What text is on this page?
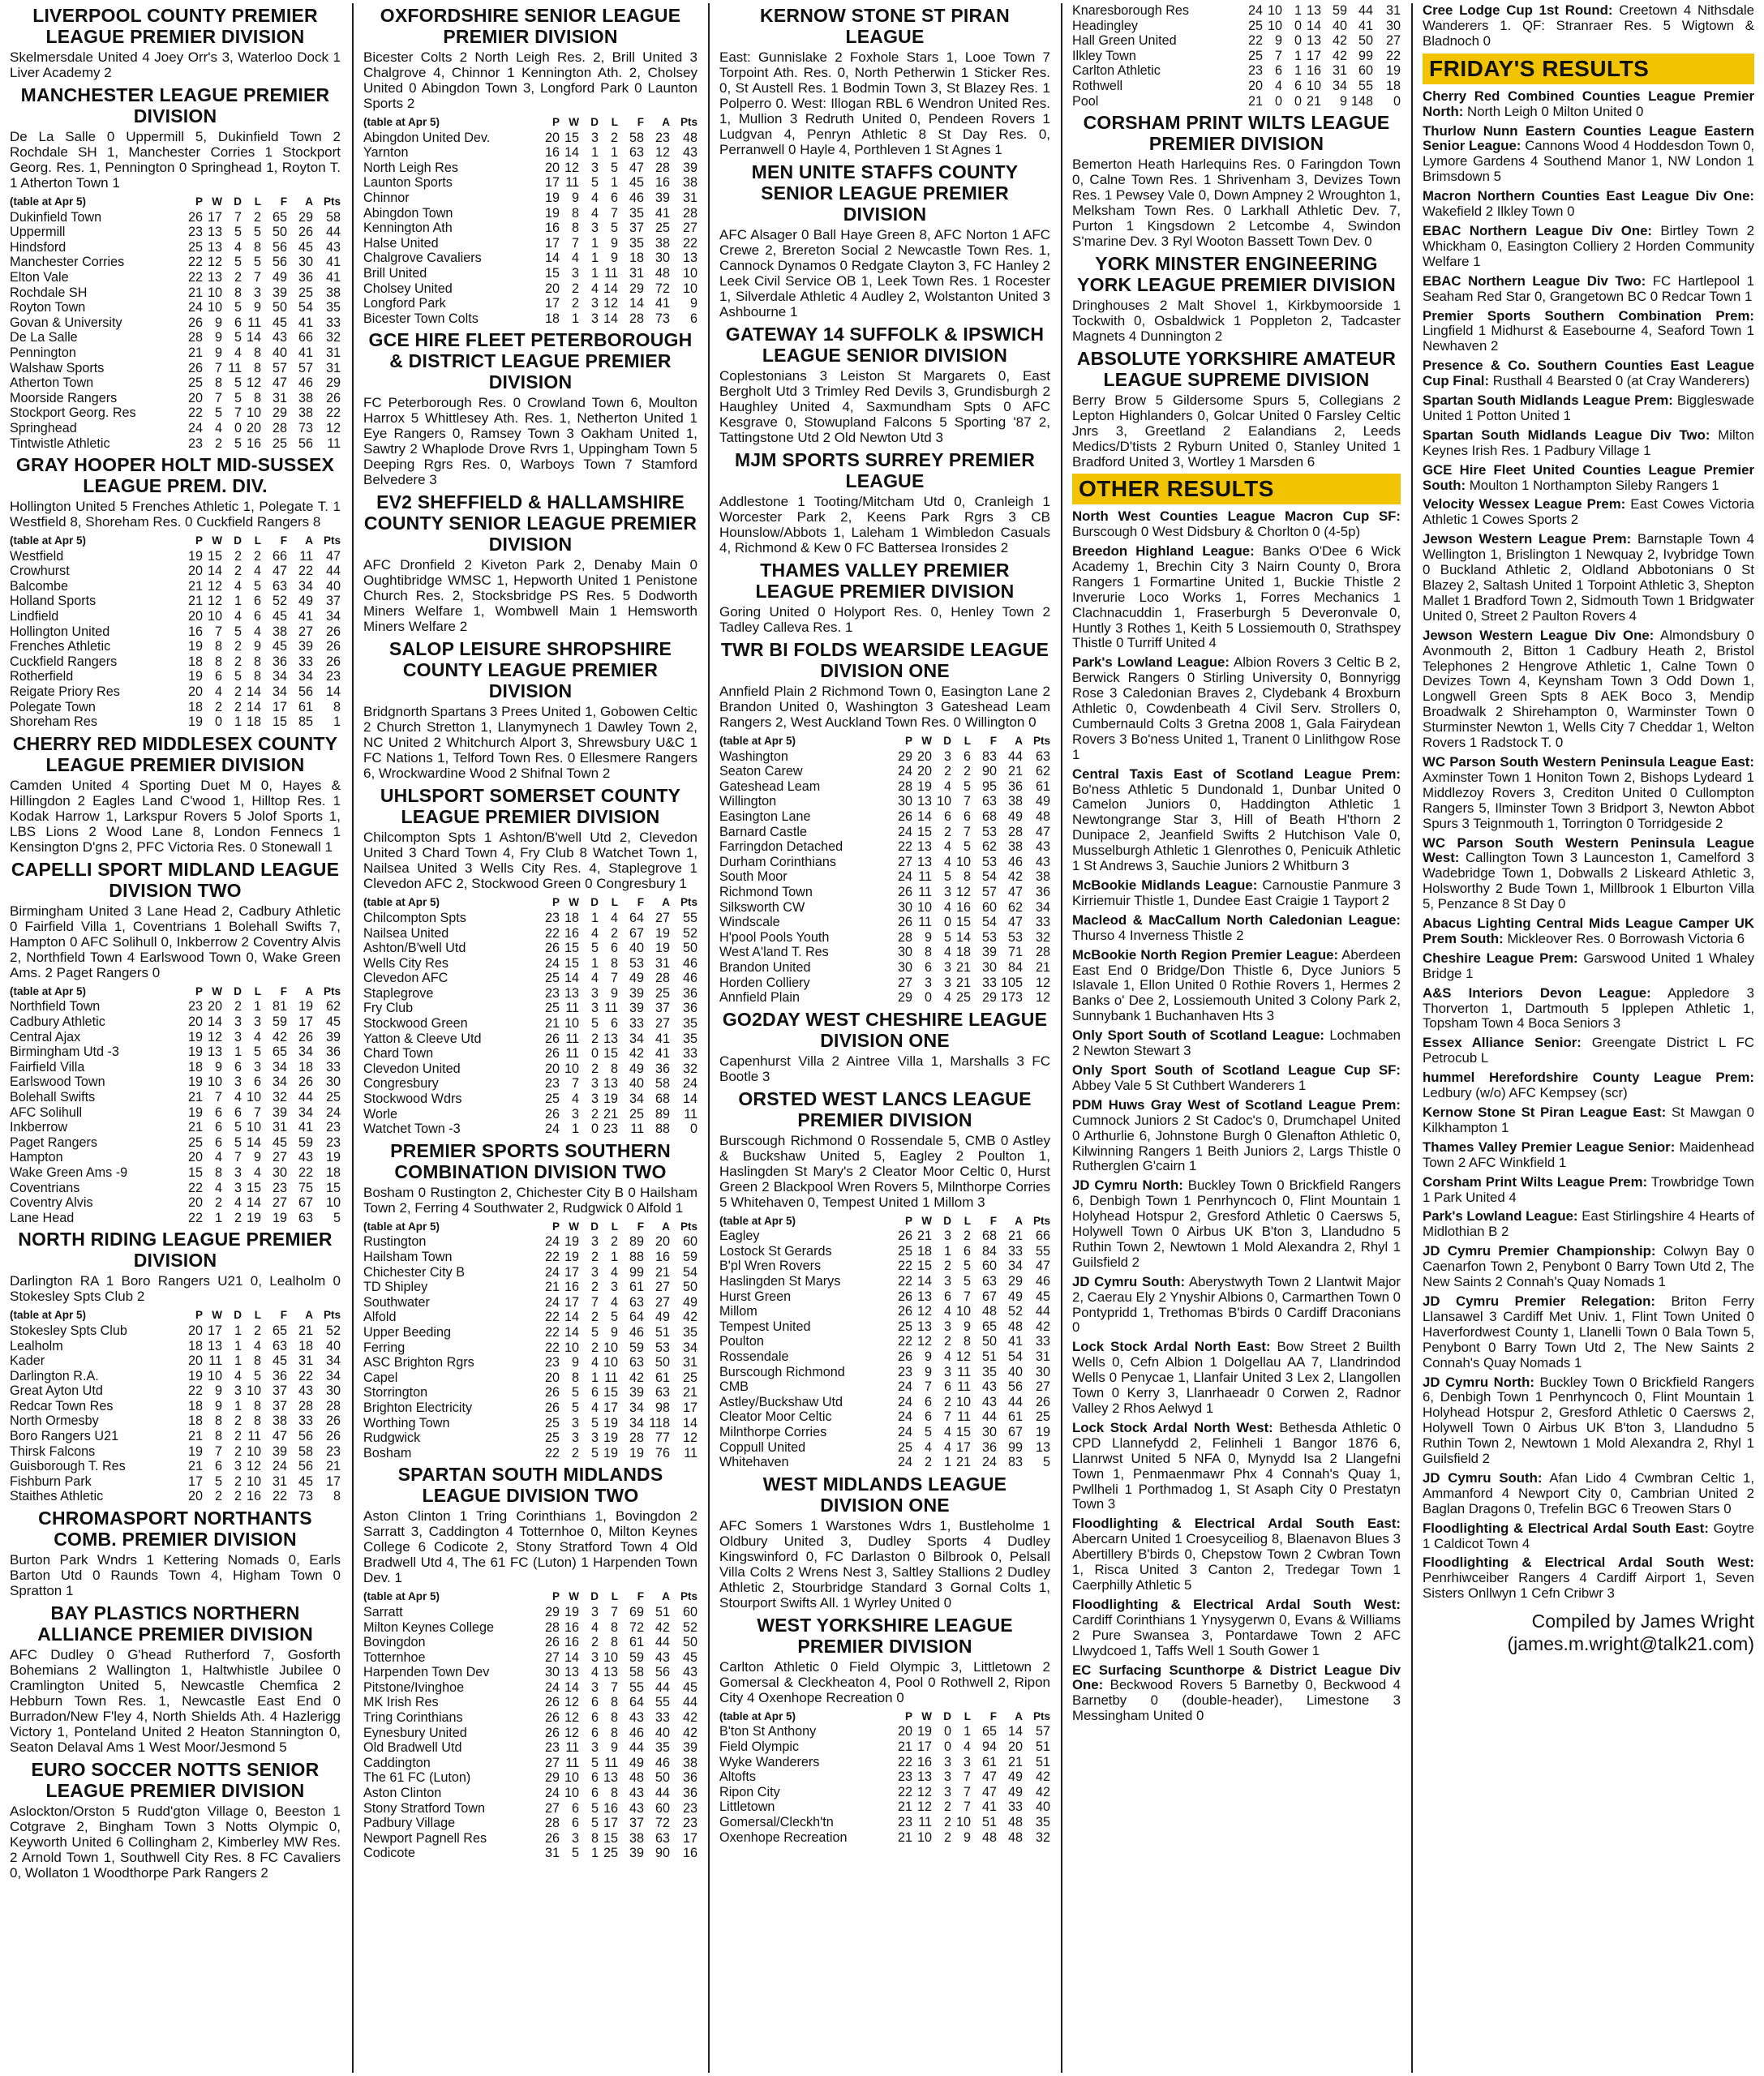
LIVERPOOL COUNTY PREMIER LEAGUE PREMIER DIVISION

Skelmersdale United 4 Joey Orr's 3, Waterloo Dock 1 Liver Academy 2

MANCHESTER LEAGUE PREMIER DIVISION

De La Salle 0 Uppermill 5, Dukinfield Town 2 Rochdale SH 1, Manchester Corries 1 Stockport Georg. Res. 1, Pennington 0 Springhead 1, Royton T. 1 Atherton Town 1

(table at Apr 5)	P	W	D	L	F	A	Pts
Dukinfield Town	26	17	7	2	65	29	58
Uppermill	23	13	5	5	50	26	44
Hindsford	25	13	4	8	56	45	43
Manchester Corries	22	12	5	5	56	30	41
Elton Vale	22	13	2	7	49	36	41
Rochdale SH	21	10	8	3	39	25	38
Royton Town	24	10	5	9	50	54	35
Govan & University	26	9	6	11	45	41	33
De La Salle	28	9	5	14	43	66	32
Pennington	21	9	4	8	40	41	31
Walshaw Sports	26	7	11	8	57	57	31
Atherton Town	25	8	5	12	47	46	29
Moorside Rangers	20	7	5	8	31	38	26
Stockport Georg. Res	22	5	7	10	29	38	22
Springhead	24	4	0	20	28	73	12
Tintwistle Athletic	23	2	5	16	25	56	11
GRAY HOOPER HOLT MID-SUSSEX LEAGUE PREM. DIV.

Hollington United 5 Frenches Athletic 1, Polegate T. 1 Westfield 8, Shoreham Res. 0 Cuckfield Rangers 8

(table at Apr 5)	P	W	D	L	F	A	Pts
Westfield	19	15	2	2	66	11	47
Crowhurst	20	14	2	4	47	22	44
Balcombe	21	12	4	5	63	34	40
Holland Sports	21	12	1	6	52	49	37
Lindfield	20	10	4	6	45	41	34
Hollington United	16	7	5	4	38	27	26
Frenches Athletic	19	8	2	9	45	39	26
Cuckfield Rangers	18	8	2	8	36	33	26
Rotherfield	19	6	5	8	34	34	23
Reigate Priory Res	20	4	2	14	34	56	14
Polegate Town	18	2	2	14	17	61	8
Shoreham Res	19	0	1	18	15	85	1
CHERRY RED MIDDLESEX COUNTY LEAGUE PREMIER DIVISION

Camden United 4 Sporting Duet M 0, Hayes & Hillingdon 2 Eagles Land C'wood 1, Hilltop Res. 1 Kodak Harrow 1, Larkspur Rovers 5 Jolof Sports 1, LBS Lions 2 Wood Lane 8, London Fennecs 1 Kensington D'gns 2, PFC Victoria Res. 0 Stonewall 1

CAPELLI SPORT MIDLAND LEAGUE DIVISION TWO

Birmingham United 3 Lane Head 2, Cadbury Athletic 0 Fairfield Villa 1, Coventrians 1 Bolehall Swifts 7, Hampton 0 AFC Solihull 0, Inkberrow 2 Coventry Alvis 2, Northfield Town 4 Earlswood Town 0, Wake Green Ams. 2 Paget Rangers 0

(table at Apr 5)	P	W	D	L	F	A	Pts
Northfield Town	23	20	2	1	81	19	62
Cadbury Athletic	20	14	3	3	59	17	45
Central Ajax	19	12	3	4	42	26	39
Birmingham Utd -3	19	13	1	5	65	34	36
Fairfield Villa	18	9	6	3	34	18	33
Earlswood Town	19	10	3	6	34	26	30
Bolehall Swifts	21	7	4	10	32	44	25
AFC Solihull	19	6	6	7	39	34	24
Inkberrow	21	6	5	10	31	41	23
Paget Rangers	25	6	5	14	45	59	23
Hampton	20	4	7	9	27	43	19
Wake Green Ams -9	15	8	3	4	30	22	18
Coventrians	22	4	3	15	23	75	15
Coventry Alvis	20	2	4	14	27	67	10
Lane Head	22	1	2	19	19	63	5
NORTH RIDING LEAGUE PREMIER DIVISION

Darlington RA 1 Boro Rangers U21 0, Lealholm 0 Stokesley Spts Club 2

(table at Apr 5)	P	W	D	L	F	A	Pts
Stokesley Spts Club	20	17	1	2	65	21	52
Lealholm	18	13	1	4	63	18	40
Kader	20	11	1	8	45	31	34
Darlington R.A.	19	10	4	5	36	22	34
Great Ayton Utd	22	9	3	10	37	43	30
Redcar Town Res	18	9	1	8	37	28	28
North Ormesby	18	8	2	8	38	33	26
Boro Rangers U21	21	8	2	11	47	56	26
Thirsk Falcons	19	7	2	10	39	58	23
Guisborough T. Res	21	6	3	12	24	56	21
Fishburn Park	17	5	2	10	31	45	17
Staithes Athletic	20	2	2	16	22	73	8
CHROMASPORT NORTHANTS COMB. PREMIER DIVISION

Burton Park Wndrs 1 Kettering Nomads 0, Earls Barton Utd 0 Raunds Town 4, Higham Town 0 Spratton 1

BAY PLASTICS NORTHERN ALLIANCE PREMIER DIVISION

AFC Dudley 0 G'head Rutherford 7, Gosforth Bohemians 2 Wallington 1, Haltwhistle Jubilee 0 Cramlington United 5, Newcastle Chemfica 2 Hebburn Town Res. 1, Newcastle East End 0 Burradon/New F'ley 4, North Shields Ath. 4 Hazlerigg Victory 1, Ponteland United 2 Heaton Stannington 0, Seaton Delaval Ams 1 West Moor/Jesmond 5

EURO SOCCER NOTTS SENIOR LEAGUE PREMIER DIVISION

Aslockton/Orston 5 Rudd'gton Village 0, Beeston 1 Cotgrave 2, Bingham Town 3 Notts Olympic 0, Keyworth United 6 Collingham 2, Kimberley MW Res. 2 Arnold Town 1, Southwell City Res. 8 FC Cavaliers 0, Wollaton 1 Woodthorpe Park Rangers 2

OXFORDSHIRE SENIOR LEAGUE PREMIER DIVISION

Bicester Colts 2 North Leigh Res. 2, Brill United 3 Chalgrove 4, Chinnor 1 Kennington Ath. 2, Cholsey United 0 Abingdon Town 3, Longford Park 0 Launton Sports 2

(table at Apr 5)	P	W	D	L	F	A	Pts
Abingdon United Dev.	20	15	3	2	58	23	48
Yarnton	16	14	1	1	63	12	43
North Leigh Res	20	12	3	5	47	28	39
Launton Sports	17	11	5	1	45	16	38
Chinnor	19	9	4	6	46	39	31
Abingdon Town	19	8	4	7	35	41	28
Kennington Ath	16	8	3	5	37	25	27
Halse United	17	7	1	9	35	38	22
Chalgrove Cavaliers	14	4	1	9	18	30	13
Brill United	15	3	1	11	31	48	10
Cholsey United	20	2	4	14	29	72	10
Longford Park	17	2	3	12	14	41	9
Bicester Town Colts	18	1	3	14	28	73	6
GCE HIRE FLEET PETERBOROUGH & DISTRICT LEAGUE PREMIER DIVISION

FC Peterborough Res. 0 Crowland Town 6, Moulton Harrox 5 Whittlesey Ath. Res. 1, Netherton United 1 Eye Rangers 0, Ramsey Town 3 Oakham United 1, Sawtry 2 Whaplode Drove Rvrs 1, Uppingham Town 5 Deeping Rgrs Res. 0, Warboys Town 7 Stamford Belvedere 3

EV2 SHEFFIELD & HALLAMSHIRE COUNTY SENIOR LEAGUE PREMIER DIVISION

AFC Dronfield 2 Kiveton Park 2, Denaby Main 0 Oughtibridge WMSC 1, Hepworth United 1 Penistone Church Res. 2, Stocksbridge PS Res. 5 Dodworth Miners Welfare 1, Wombwell Main 1 Hemsworth Miners Welfare 2

SALOP LEISURE SHROPSHIRE COUNTY LEAGUE PREMIER DIVISION

Bridgnorth Spartans 3 Prees United 1, Gobowen Celtic 2 Church Stretton 1, Llanymynech 1 Dawley Town 2, NC United 2 Whitchurch Alport 3, Shrewsbury U&C 1 FC Nations 1, Telford Town Res. 0 Ellesmere Rangers 6, Wrockwardine Wood 2 Shifnal Town 2

UHLSPORT SOMERSET COUNTY LEAGUE PREMIER DIVISION

Chilcompton Spts 1 Ashton/B'well Utd 2, Clevedon United 3 Chard Town 4, Fry Club 8 Watchet Town 1, Nailsea United 3 Wells City Res. 4, Staplegrove 1 Clevedon AFC 2, Stockwood Green 0 Congresbury 1

(table at Apr 5)	P	W	D	L	F	A	Pts
Chilcompton Spts	23	18	1	4	64	27	55
Nailsea United	22	16	4	2	67	19	52
Ashton/B'well Utd	26	15	5	6	40	19	50
Wells City Res	24	15	1	8	53	31	46
Clevedon AFC	25	14	4	7	49	28	46
Staplegrove	23	13	3	9	39	25	36
Fry Club	25	11	3	11	39	37	36
Stockwood Green	21	10	5	6	33	27	35
Yatton & Cleeve Utd	26	11	2	13	34	41	35
Chard Town	26	11	0	15	42	41	33
Clevedon United	20	10	2	8	49	36	32
Congresbury	23	7	3	13	40	58	24
Stockwood Wdrs	25	4	3	19	34	68	14
Worle	26	3	2	21	25	89	11
Watchet Town -3	24	1	0	23	11	88	0
PREMIER SPORTS SOUTHERN COMBINATION DIVISION TWO

Bosham 0 Rustington 2, Chichester City B 0 Hailsham Town 2, Ferring 4 Southwater 2, Rudgwick 0 Alfold 1

(table at Apr 5)	P	W	D	L	F	A	Pts
Rustington	24	19	3	2	89	20	60
Hailsham Town	22	19	2	1	88	16	59
Chichester City B	24	17	3	4	99	21	54
TD Shipley	21	16	2	3	61	27	50
Southwater	24	17	7	4	63	27	49
Alfold	22	14	2	5	64	49	42
Upper Beeding	22	14	5	9	46	51	35
Ferring	22	10	2	10	59	53	34
ASC Brighton Rgrs	23	9	4	10	63	50	31
Capel	20	8	1	11	42	61	25
Storrington	26	5	6	15	39	63	21
Brighton Electricity	26	5	4	17	34	98	17
Worthing Town	25	3	5	19	34	118	14
Rudgwick	25	3	3	19	28	77	12
Bosham	22	2	5	19	19	76	11
SPARTAN SOUTH MIDLANDS LEAGUE DIVISION TWO

Aston Clinton 1 Tring Corinthians 1, Bovingdon 2 Sarratt 3, Caddington 4 Totternhoe 0, Milton Keynes College 6 Codicote 2, Stony Stratford Town 4 Old Bradwell Utd 4, The 61 FC (Luton) 1 Harpenden Town Dev. 1

(table at Apr 5)	P	W	D	L	F	A	Pts
Sarratt	29	19	3	7	69	51	60
Milton Keynes College	28	16	4	8	72	42	52
Bovingdon	26	16	2	8	61	44	50
Totternhoe	27	14	3	10	59	43	45
Harpenden Town Dev	30	13	4	13	58	56	43
Pitstone/Ivinghoe	24	14	3	7	55	44	45
MK Irish Res	26	12	6	8	64	55	44
Tring Corinthians	26	12	6	8	43	33	42
Eynesbury United	26	12	6	8	46	40	42
Old Bradwell Utd	23	11	3	9	44	35	39
Caddington	27	11	5	11	49	46	38
The 61 FC (Luton)	29	10	6	13	48	50	36
Aston Clinton	24	10	6	8	43	44	36
Stony Stratford Town	27	6	5	16	43	60	23
Padbury Village	28	6	5	17	37	72	23
Newport Pagnell Res	26	3	8	15	38	63	17
Codicote	31	5	1	25	39	90	16
KERNOW STONE ST PIRAN LEAGUE

East: Gunnislake 2 Foxhole Stars 1, Looe Town 7 Torpoint Ath. Res. 0, North Petherwin 1 Sticker Res. 0, St Austell Res. 1 Bodmin Town 3, St Blazey Res. 1 Polperro 0. West: Illogan RBL 6 Wendron United Res. 1, Mullion 3 Redruth United 0, Pendeen Rovers 1 Ludgvan 4, Penryn Athletic 8 St Day Res. 0, Perranwell 0 Hayle 4, Porthleven 1 St Agnes 1

MEN UNITE STAFFS COUNTY SENIOR LEAGUE PREMIER DIVISION

AFC Alsager 0 Ball Haye Green 8, AFC Norton 1 AFC Crewe 2, Brereton Social 2 Newcastle Town Res. 1, Cannock Dynamos 0 Redgate Clayton 3, FC Hanley 2 Leek Civil Service OB 1, Leek Town Res. 1 Rocester 1, Silverdale Athletic 4 Audley 2, Wolstanton United 3 Ashbourne 1

GATEWAY 14 SUFFOLK & IPSWICH LEAGUE SENIOR DIVISION

Coplestonians 3 Leiston St Margarets 0, East Bergholt Utd 3 Trimley Red Devils 3, Grundisburgh 2 Haughley United 4, Saxmundham Spts 0 AFC Kesgrave 0, Stowupland Falcons 5 Sporting '87 2, Tattingstone Utd 2 Old Newton Utd 3

MJM SPORTS SURREY PREMIER LEAGUE

Addlestone 1 Tooting/Mitcham Utd 0, Cranleigh 1 Worcester Park 2, Keens Park Rgrs 3 CB Hounslow/Abbots 1, Laleham 1 Wimbledon Casuals 4, Richmond & Kew 0 FC Battersea Ironsides 2

THAMES VALLEY PREMIER LEAGUE PREMIER DIVISION

Goring United 0 Holyport Res. 0, Henley Town 2 Tadley Calleva Res. 1

TWR BI FOLDS WEARSIDE LEAGUE DIVISION ONE

Annfield Plain 2 Richmond Town 0, Easington Lane 2 Brandon United 0, Washington 3 Gateshead Leam Rangers 2, West Auckland Town Res. 0 Willington 0

(table at Apr 5)	P	W	D	L	F	A	Pts
Washington	29	20	3	6	83	44	63
Seaton Carew	24	20	2	2	90	21	62
Gateshead Leam	28	19	4	5	95	36	61
Willington	30	13	10	7	63	38	49
Easington Lane	26	14	6	6	68	49	48
Barnard Castle	24	15	2	7	53	28	47
Farringdon Detached	22	13	4	5	62	38	43
Durham Corinthians	27	13	4	10	53	46	43
South Moor	24	11	5	8	54	42	38
Richmond Town	26	11	3	12	57	47	36
Silksworth CW	30	10	4	16	60	62	34
Windscale	26	11	0	15	54	47	33
H'pool Pools Youth	28	9	5	14	53	53	32
West A'land T. Res	30	8	4	18	39	71	28
Brandon United	30	6	3	21	30	84	21
Horden Colliery	27	3	3	21	33	105	12
Annfield Plain	29	0	4	25	29	173	12
GO2DAY WEST CHESHIRE LEAGUE DIVISION ONE

Capenhurst Villa 2 Aintree Villa 1, Marshalls 3 FC Bootle 3

ORSTED WEST LANCS LEAGUE PREMIER DIVISION

Burscough Richmond 0 Rossendale 5, CMB 0 Astley & Buckshaw United 5, Eagley 2 Poulton 1, Haslingden St Mary's 2 Cleator Moor Celtic 0, Hurst Green 2 Blackpool Wren Rovers 5, Milnthorpe Corries 5 Whitehaven 0, Tempest United 1 Millom 3

(table at Apr 5)	P	W	D	L	F	A	Pts
Eagley	26	21	3	2	68	21	66
Lostock St Gerards	25	18	1	6	84	33	55
B'pl Wren Rovers	22	15	2	5	60	34	47
Haslingden St Marys	22	14	3	5	63	29	46
Hurst Green	26	13	6	7	67	49	45
Millom	26	12	4	10	48	52	44
Tempest United	25	13	3	9	65	48	42
Poulton	22	12	2	8	50	41	33
Rossendale	26	9	4	12	51	54	31
Burscough Richmond	23	9	3	11	35	40	30
CMB	24	7	6	11	43	56	27
Astley/Buckshaw Utd	24	6	2	10	43	44	26
Cleator Moor Celtic	24	6	7	11	44	61	25
Milnthorpe Corries	24	5	4	15	30	67	19
Coppull United	25	4	4	17	36	99	13
Whitehaven	24	2	1	21	24	83	5
WEST MIDLANDS LEAGUE DIVISION ONE

AFC Somers 1 Warstones Wdrs 1, Bustleholme 1 Oldbury United 3, Dudley Sports 4 Dudley Kingswinford 0, FC Darlaston 0 Bilbrook 0, Pelsall Villa Colts 2 Wrens Nest 3, Saltley Stallions 2 Dudley Athletic 2, Stourbridge Standard 3 Gornal Colts 1, Stourport Swifts All. 1 Wyrley United 0

WEST YORKSHIRE LEAGUE PREMIER DIVISION

Carlton Athletic 0 Field Olympic 3, Littletown 2 Gomersal & Cleckheaton 4, Pool 0 Rothwell 2, Ripon City 4 Oxenhope Recreation 0

(table at Apr 5)	P	W	D	L	F	A	Pts
B'ton St Anthony	20	19	0	1	65	14	57
Field Olympic	21	17	0	4	94	20	51
Wyke Wanderers	22	16	3	3	61	21	51
Altofts	23	13	3	7	47	49	42
Ripon City	22	12	3	7	47	49	42
Littletown	21	12	2	7	41	33	40
Gomersal/Cleckh'tn	23	11	2	10	51	48	35
Oxenhope Recreation	21	10	2	9	48	48	32
Knaresborough Res	24	10	1	13	59	44	31
Headingley	25	10	0	14	40	41	30
Hall Green United	22	9	0	13	42	50	27
Ilkley Town	25	7	1	17	42	99	22
Carlton Athletic	23	6	1	16	31	60	19
Rothwell	20	4	6	10	34	55	18
Pool	21	0	0	21	9	148	0
CORSHAM PRINT WILTS LEAGUE PREMIER DIVISION

Bemerton Heath Harlequins Res. 0 Faringdon Town 0, Calne Town Res. 1 Shrivenham 3, Devizes Town Res. 1 Pewsey Vale 0, Down Ampney 2 Wroughton 1, Melksham Town Res. 0 Larkhall Athletic Dev. 7, Purton 1 Kingsdown 2 Letcombe 4, Swindon S'marine Dev. 3 Ryl Wooton Bassett Town Dev. 0

YORK MINSTER ENGINEERING YORK LEAGUE PREMIER DIVISION

Dringhouses 2 Malt Shovel 1, Kirkbymoorside 1 Tockwith 0, Osbaldwick 1 Poppleton 2, Tadcaster Magnets 4 Dunnington 2

ABSOLUTE YORKSHIRE AMATEUR LEAGUE SUPREME DIVISION

Berry Brow 5 Gildersome Spurs 5, Collegians 2 Lepton Highlanders 0, Golcar United 0 Farsley Celtic Jnrs 3, Greetland 2 Ealandians 2, Leeds Medics/D'tists 2 Ryburn United 0, Stanley United 1 Bradford United 3, Wortley 1 Marsden 6

OTHER RESULTS

North West Counties League Macron Cup SF: Burscough 0 West Didsbury & Chorlton 0 (4-5p)

Breedon Highland League: Banks O'Dee 6 Wick Academy 1, Brechin City 3 Nairn County 0, Brora Rangers 1 Formartine United 1, Buckie Thistle 2 Inverurie Loco Works 1, Forres Mechanics 1 Clachnacuddin 1, Fraserburgh 5 Deveronvale 0, Huntly 3 Rothes 1, Keith 5 Lossiemouth 0, Strathspey Thistle 0 Turriff United 4

Park's Lowland League: Albion Rovers 3 Celtic B 2, Berwick Rangers 0 Stirling University 0, Bonnyrigg Rose 3 Caledonian Braves 2, Clydebank 4 Broxburn Athletic 0, Cowdenbeath 4 Civil Serv. Strollers 0, Cumbernauld Colts 3 Gretna 2008 1, Gala Fairydean Rovers 3 Bo'ness United 1, Tranent 0 Linlithgow Rose 1

Central Taxis East of Scotland League Prem: Bo'ness Athletic 5 Dundonald 1, Dunbar United 0 Camelon Juniors 0, Haddington Athletic 1 Newtongrange Star 3, Hill of Beath H'thorn 2 Dunipace 2, Jeanfield Swifts 2 Hutchison Vale 0, Musselburgh Athletic 1 Glenrothes 0, Penicuik Athletic 1 St Andrews 3, Sauchie Juniors 2 Whitburn 3

McBookie Midlands League: Carnoustie Panmure 3 Kirriemuir Thistle 1, Dundee East Craigie 1 Tayport 2

Macleod & MacCallum North Caledonian League: Thurso 4 Inverness Thistle 2

McBookie North Region Premier League: Aberdeen East End 0 Bridge/Don Thistle 6, Dyce Juniors 5 Islavale 1, Ellon United 0 Rothie Rovers 1, Hermes 2 Banks o' Dee 2, Lossiemouth United 3 Colony Park 2, Sunnybank 1 Buchanhaven Hts 3

Only Sport South of Scotland League: Lochmaben 2 Newton Stewart 3

Only Sport South of Scotland League Cup SF: Abbey Vale 5 St Cuthbert Wanderers 1

PDM Huws Gray West of Scotland League Prem: Cumnock Juniors 2 St Cadoc's 0, Drumchapel United 0 Arthurlie 6, Johnstone Burgh 0 Glenafton Athletic 0, Kilwinning Rangers 1 Beith Juniors 2, Largs Thistle 0 Rutherglen G'cairn 1

JD Cymru North: Buckley Town 0 Brickfield Rangers 6, Denbigh Town 1 Penrhyncoch 0, Flint Mountain 1 Holyhead Hotspur 2, Gresford Athletic 0 Caersws 5, Holywell Town 0 Airbus UK B'ton 3, Llandudno 5 Ruthin Town 2, Newtown 1 Mold Alexandra 2, Rhyl 1 Guilsfield 2

JD Cymru South: Aberystwyth Town 2 Llantwit Major 2, Caerau Ely 2 Ynyshir Albions 0, Carmarthen Town 0 Pontypridd 1, Trethomas B'birds 0 Cardiff Draconians 0

Lock Stock Ardal North East: Bow Street 2 Builth Wells 0, Cefn Albion 1 Dolgellau AA 7, Llandrindod Wells 0 Penycae 1, Llanfair United 3 Lex 2, Llangollen Town 0 Kerry 3, Llanrhaeadr 0 Corwen 2, Radnor Valley 2 Rhos Aelwyd 1

Lock Stock Ardal North West: Bethesda Athletic 0 CPD Llannefydd 2, Felinheli 1 Bangor 1876 6, Llanrwst United 5 NFA 0, Mynydd Isa 2 Llangefni Town 1, Penmaenmawr Phx 4 Connah's Quay 1, Pwllheli 1 Porthmadog 1, St Asaph City 0 Prestatyn Town 3

Floodlighting & Electrical Ardal South East: Abercarn United 1 Croesyceiliog 8, Blaenavon Blues 3 Abertillery B'birds 0, Chepstow Town 2 Cwbran Town 1, Risca United 3 Canton 2, Tredegar Town 1 Caerphilly Athletic 5

Floodlighting & Electrical Ardal South West: Cardiff Corinthians 1 Ynysygerwn 0, Evans & Williams 2 Pure Swansea 3, Pontardawe Town 2 AFC Llwydcoed 1, Taffs Well 1 South Gower 1

EC Surfacing Scunthorpe & District League Div One: Beckwood Rovers 5 Barnetby 0, Beckwood 4 Barnetby 0 (double-header), Limestone 3 Messingham United 0

Cree Lodge Cup 1st Round: Creetown 4 Nithsdale Wanderers 1. QF: Stranraer Res. 5 Wigtown & Bladnoch 0

FRIDAY'S RESULTS

Cherry Red Combined Counties League Premier North: North Leigh 0 Milton United 0

Thurlow Nunn Eastern Counties League Eastern Senior League: Cannons Wood 4 Hoddesdon Town 0, Lymore Gardens 4 Southend Manor 1, NW London 1 Brimsdown 5

Macron Northern Counties East League Div One: Wakefield 2 Ilkley Town 0

EBAC Northern League Div One: Birtley Town 2 Whickham 0, Easington Colliery 2 Horden Community Welfare 1

EBAC Northern League Div Two: FC Hartlepool 1 Seaham Red Star 0, Grangetown BC 0 Redcar Town 1

Premier Sports Southern Combination Prem: Lingfield 1 Midhurst & Easebourne 4, Seaford Town 1 Newhaven 2

Presence & Co. Southern Counties East League Cup Final: Rusthall 4 Bearsted 0 (at Cray Wanderers)

Spartan South Midlands League Prem: Biggleswade United 1 Potton United 1

Spartan South Midlands League Div Two: Milton Keynes Irish Res. 1 Padbury Village 1

GCE Hire Fleet United Counties League Premier South: Moulton 1 Northampton Sileby Rangers 1

Velocity Wessex League Prem: East Cowes Victoria Athletic 1 Cowes Sports 2

Jewson Western League Prem: Barnstaple Town 4 Wellington 1, Brislington 1 Newquay 2, Ivybridge Town 0 Buckland Athletic 2, Oldland Abbotonians 0 St Blazey 2, Saltash United 1 Torpoint Athletic 3, Shepton Mallet 1 Bradford Town 2, Sidmouth Town 1 Bridgwater United 0, Street 2 Paulton Rovers 4

Jewson Western League Div One: Almondsbury 0 Avonmouth 2, Bitton 1 Cadbury Heath 2, Bristol Telephones 2 Hengrove Athletic 1, Calne Town 0 Devizes Town 4, Keynsham Town 3 Odd Down 1, Longwell Green Spts 8 AEK Boco 3, Mendip Broadwalk 2 Shirehampton 0, Warminster Town 0 Sturminster Newton 1, Wells City 7 Cheddar 1, Welton Rovers 1 Radstock T. 0

WC Parson South Western Peninsula League East: Axminster Town 1 Honiton Town 2, Bishops Lydeard 1 Middlezoy Rovers 3, Crediton United 0 Cullompton Rangers 5, Ilminster Town 3 Bridport 3, Newton Abbot Spurs 3 Teignmouth 1, Torrington 0 Torridgeside 2

WC Parson South Western Peninsula League West: Callington Town 3 Launceston 1, Camelford 3 Wadebridge Town 1, Dobwalls 2 Liskeard Athletic 3, Holsworthy 2 Bude Town 1, Millbrook 1 Elburton Villa 5, Penzance 8 St Day 0

Abacus Lighting Central Mids League Camper UK Prem South: Mickleover Res. 0 Borrowash Victoria 6

Cheshire League Prem: Garswood United 1 Whaley Bridge 1

A&S Interiors Devon League: Appledore 3 Thorverton 1, Dartmouth 5 Ipplepen Athletic 1, Topsham Town 4 Boca Seniors 3

Essex Alliance Senior: Greengate District L FC Petrocub L

hummel Herefordshire County League Prem: Ledbury (w/o) AFC Kempsey (scr)

Kernow Stone St Piran League East: St Mawgan 0 Kilkhampton 1

Thames Valley Premier League Senior: Maidenhead Town 2 AFC Winkfield 1

Corsham Print Wilts League Prem: Trowbridge Town 1 Park United 4

Park's Lowland League: East Stirlingshire 4 Hearts of Midlothian B 2

JD Cymru Premier Championship: Colwyn Bay 0 Caenarfon Town 2, Penybont 0 Barry Town Utd 2, The New Saints 2 Connah's Quay Nomads 1

JD Cymru Premier Relegation: Briton Ferry Llansawel 3 Cardiff Met Univ. 1, Flint Town United 0 Haverfordwest County 1, Llanelli Town 0 Bala Town 5, Penybont 0 Barry Town Utd 2, The New Saints 2 Connah's Quay Nomads 1

JD Cymru North: Buckley Town 0 Brickfield Rangers 6, Denbigh Town 1 Penrhyncoch 0, Flint Mountain 1 Holyhead Hotspur 2, Gresford Athletic 0 Caersws 2, Holywell Town 0 Airbus UK B'ton 3, Llandudno 5 Ruthin Town 2, Newtown 1 Mold Alexandra 2, Rhyl 1 Guilsfield 2

JD Cymru South: Afan Lido 4 Cwmbran Celtic 1, Ammanford 4 Newport City 0, Cambrian United 2 Baglan Dragons 0, Trefelin BGC 6 Treowen Stars 0

Floodlighting & Electrical Ardal South East: Goytre 1 Caldicot Town 4

Floodlighting & Electrical Ardal South West: Penrhiwceiber Rangers 4 Cardiff Airport 1, Seven Sisters Onllwyn 1 Cefn Cribwr 3

Compiled by James Wright
(james.m.wright@talk21.com)
